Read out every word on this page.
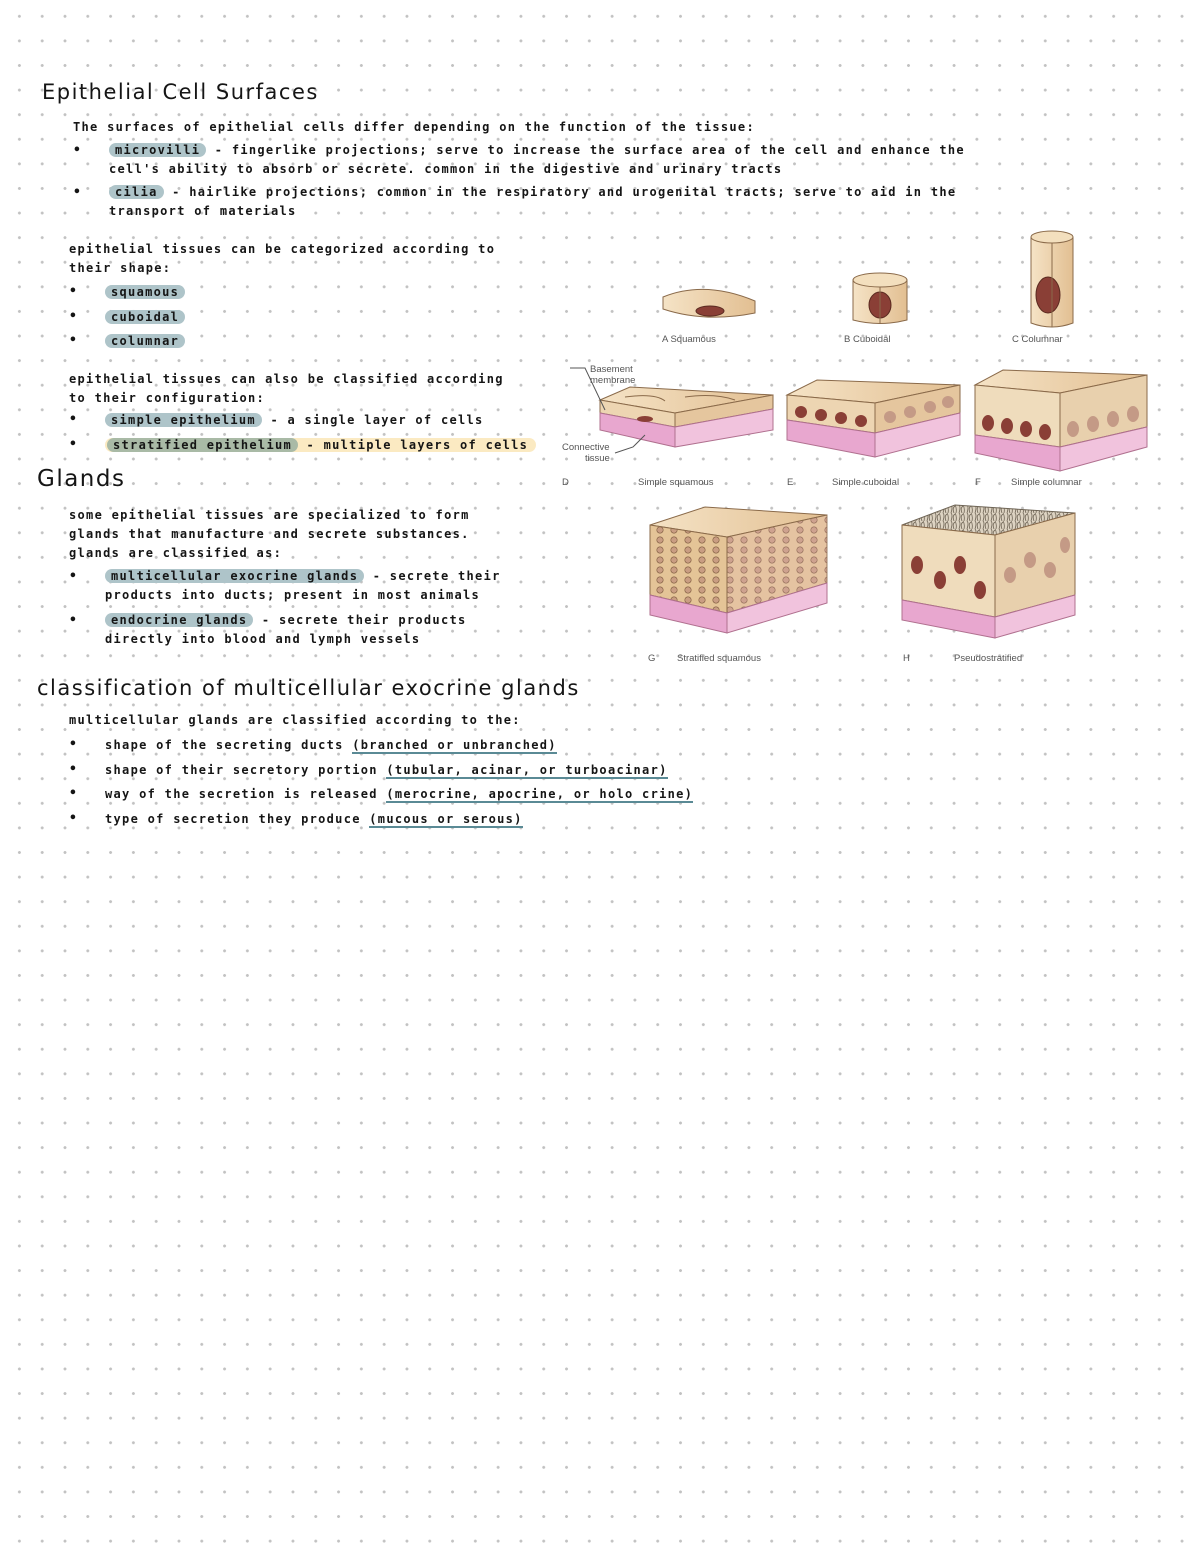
Epithelial Cell Surfaces

The surfaces of epithelial cells differ depending on the function of the tissue:

• microvilli - fingerlike projections; serve to increase the surface area of the cell and enhance the cell's ability to absorb or secrete. common in the digestive and urinary tracts
• cilia - hairlike projections; common in the respiratory and urogenital tracts; serve to aid in the transport of materials

epithelial tissues can be categorized according to their shape:

• squamous
• cuboidal
• columnar

epithelial tissues can also be classified according to their configuration:

• simple epithelium - a single layer of cells
• stratified epithelium - multiple layers of cells
Glands

some epithelial tissues are specialized to form glands that manufacture and secrete substances. glands are classified as:

• multicellular exocrine glands - secrete their products into ducts; present in most animals
• endocrine glands - secrete their products directly into blood and lymph vessels
classification of multicellular exocrine glands

multicellular glands are classified according to the:

• shape of the secreting ducts (branched or unbranched)
• shape of their secretory portion (tubular, acinar, or turboacinar)
• way of the secretion is released (merocrine, apocrine, or holo crine)
• type of secretion they produce (mucous or serous)
A Squamous	B Cuboidal	C Columnar
Basement
membrane
Connective
tissue
D	Simple squamous	E	Simple cuboidal	F	Simple columnar
G Stratified squamous	H	Pseudostratified
